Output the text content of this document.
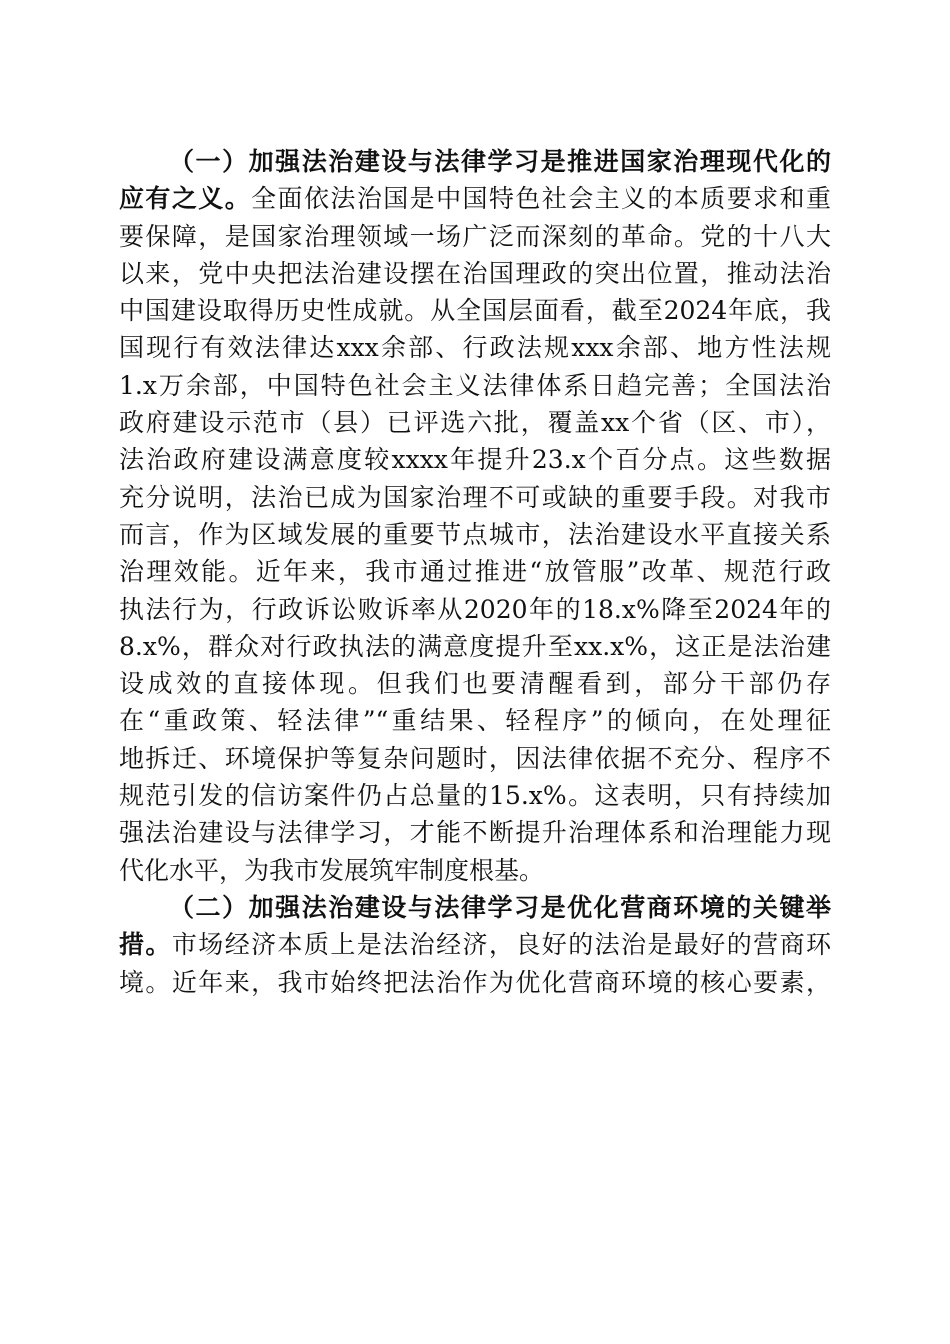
（一）加强法治建设与法律学习是推进国家治理现代化的
应有之义。全面依法治国是中国特色社会主义的本质要求和重
要保障，是国家治理领域一场广泛而深刻的革命。党的十八大
以来，党中央把法治建设摆在治国理政的突出位置，推动法治
中国建设取得历史性成就。从全国层面看，截至2024年底，我
国现行有效法律达xxx余部、行政法规xxx余部、地方性法规
1.x万余部，中国特色社会主义法律体系日趋完善；全国法治
政府建设示范市（县）已评选六批，覆盖xx个省（区、市），
法治政府建设满意度较xxxx年提升23.x个百分点。这些数据
充分说明，法治已成为国家治理不可或缺的重要手段。对我市
而言，作为区域发展的重要节点城市，法治建设水平直接关系
治理效能。近年来，我市通过推进“放管服”改革、规范行政
执法行为，行政诉讼败诉率从2020年的18.x%降至2024年的
8.x%，群众对行政执法的满意度提升至xx.x%，这正是法治建
设成效的直接体现。但我们也要清醒看到，部分干部仍存
在“重政策、轻法律”“重结果、轻程序”的倾向，在处理征
地拆迁、环境保护等复杂问题时，因法律依据不充分、程序不
规范引发的信访案件仍占总量的15.x%。这表明，只有持续加
强法治建设与法律学习，才能不断提升治理体系和治理能力现
代化水平，为我市发展筑牢制度根基。
（二）加强法治建设与法律学习是优化营商环境的关键举
措。市场经济本质上是法治经济，良好的法治是最好的营商环
境。近年来，我市始终把法治作为优化营商环境的核心要素，
